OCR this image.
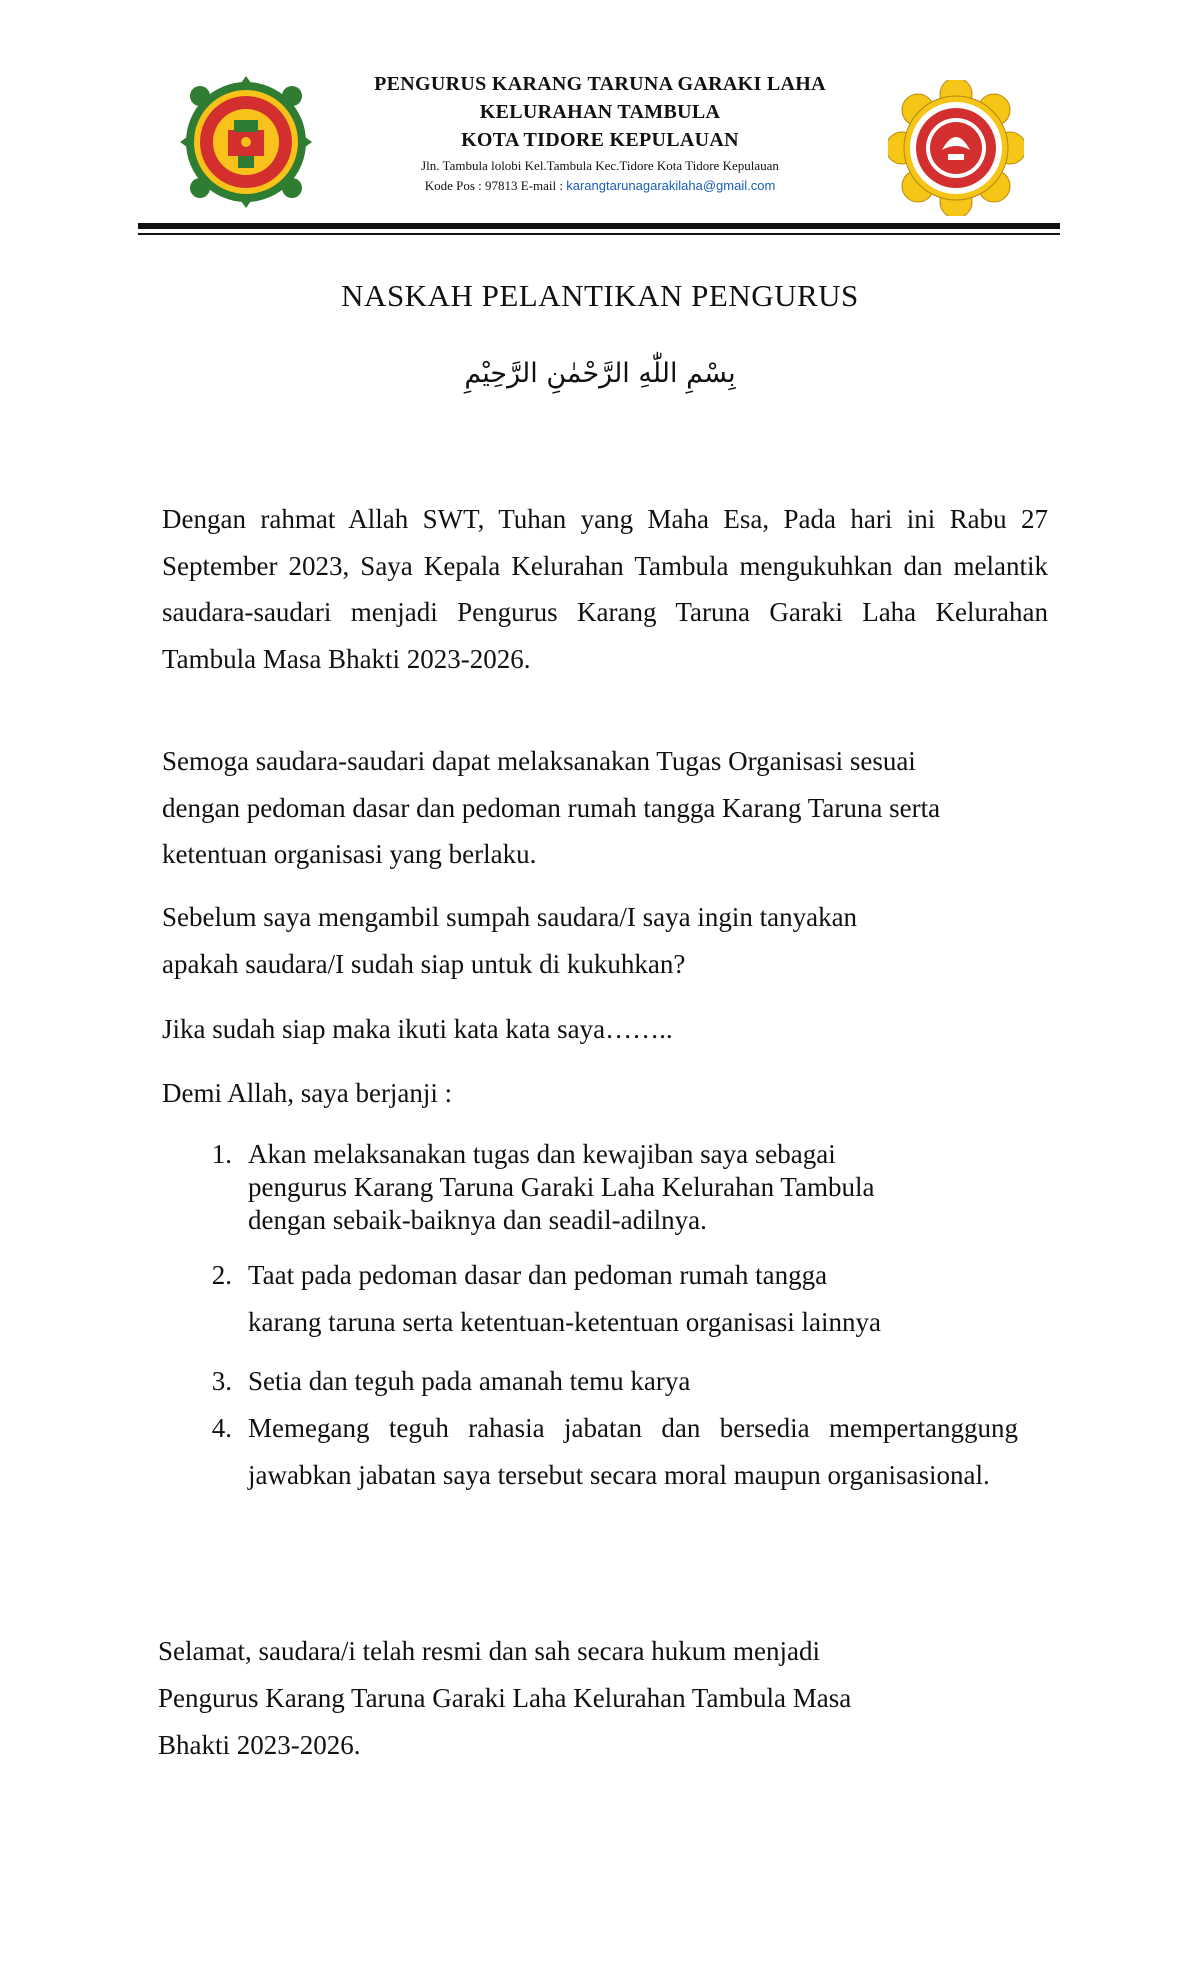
PENGURUS KARANG TARUNA GARAKI LAHA
KELURAHAN TAMBULA
KOTA TIDORE KEPULAUAN
Jln. Tambula lolobi Kel.Tambula Kec.Tidore Kota Tidore Kepulauan
Kode Pos : 97813 E-mail : karangtarunagarakilaha@gmail.com
NASKAH PELANTIKAN PENGURUS
بِسْمِ اللّٰهِ الرَّحْمٰنِ الرَّحِيْمِ
Dengan rahmat Allah SWT, Tuhan yang Maha Esa, Pada hari ini Rabu 27 September 2023, Saya Kepala Kelurahan Tambula mengukuhkan dan melantik saudara-saudari menjadi Pengurus Karang Taruna Garaki Laha Kelurahan Tambula Masa Bhakti 2023-2026.
Semoga saudara-saudari dapat melaksanakan Tugas Organisasi sesuai
dengan pedoman dasar dan pedoman rumah tangga Karang Taruna serta
ketentuan organisasi yang berlaku.
Sebelum saya mengambil sumpah saudara/I saya ingin tanyakan
apakah saudara/I sudah siap untuk di kukuhkan?
Jika sudah siap maka ikuti kata kata saya……..
Demi Allah, saya berjanji :
1. Akan melaksanakan tugas dan kewajiban saya sebagai
pengurus Karang Taruna Garaki Laha Kelurahan Tambula
dengan sebaik-baiknya dan seadil-adilnya.
2. Taat pada pedoman dasar dan pedoman rumah tangga
karang taruna serta ketentuan-ketentuan organisasi lainnya
3. Setia dan teguh pada amanah temu karya
4. Memegang teguh rahasia jabatan dan bersedia mempertanggung jawabkan jabatan saya tersebut secara moral maupun organisasional.
Selamat, saudara/i telah resmi dan sah secara hukum menjadi
Pengurus Karang Taruna Garaki Laha Kelurahan Tambula Masa
Bhakti 2023-2026.
